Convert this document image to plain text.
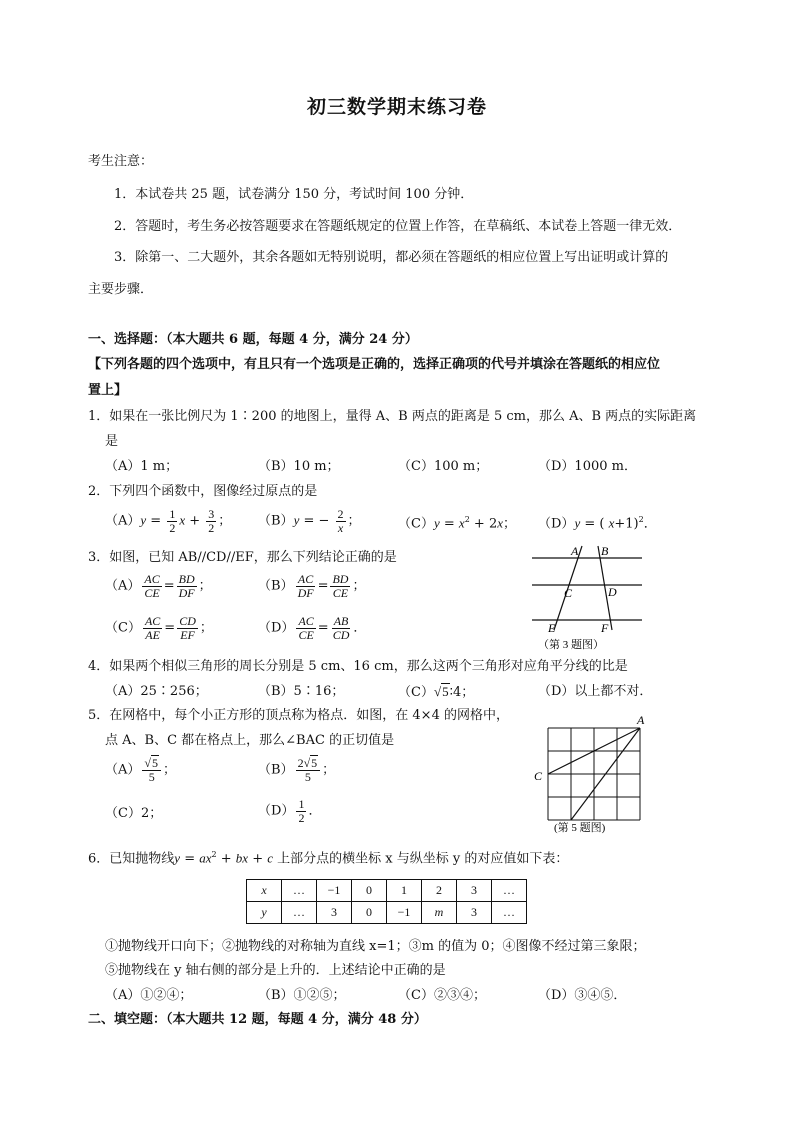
初三数学期末练习卷
考生注意：
1．本试卷共 25 题，试卷满分 150 分，考试时间 100 分钟．
2．答题时，考生务必按答题要求在答题纸规定的位置上作答，在草稿纸、本试卷上答题一律无效．
3．除第一、二大题外，其余各题如无特别说明，都必须在答题纸的相应位置上写出证明或计算的
主要步骤．
一、选择题：（本大题共 6 题，每题 4 分，满分 24 分）
【下列各题的四个选项中，有且只有一个选项是正确的，选择正确项的代号并填涂在答题纸的相应位
置上】
1．如果在一张比例尺为 1∶200 的地图上，量得 A、B 两点的距离是 5 cm，那么 A、B 两点的实际距离
是
（A）1 m；	（B）10 m；	（C）100 m；	（D）1000 m．
2．下列四个函数中，图像经过原点的是
$(A)y = \frac{1}{2}$ $x + \frac{3}{2}$ ； （B）y = − $\frac{2}{x}$ ；	$(C)y = x^2 + 2x$； （D）y = ( x+1)$^2$．
3．如图，已知 AB//CD//EF，那么下列结论正确的是
$(A) \frac{AC}{CE} = \frac{BD}{DF}$ ；	$(B) \frac{AC}{DF} = \frac{BD}{CE}$ ；
$(C) \frac{AC}{AE} = \frac{CD}{EF}$ ；	$(D) \frac{AC}{CE} = \frac{AB}{CD}$ ．
A B
C	D
E	F
（第 3 题图）
4．如果两个相似三角形的周长分别是 5 cm、16 cm，那么这两个三角形对应角平分线的比是
（A）25∶256；	（B）5∶16；	（C）√5∶4；	（D）以上都不对．
5．在网格中，每个小正方形的顶点称为格点．如图，在 4×4 的网格中，
点 A、B、C 都在格点上，那么∠BAC 的正切值是
$(A) \frac{√5}{5}$ ；	$(B) \frac{2√5}{5}$ ；
（C）2；	$(D) \frac{1}{2}$ ．
A
C
(第 5 题图)
6．已知抛物线$y = ax^2$ + bx + c 上部分点的横坐标 x 与纵坐标 y 的对应值如下表：
x	…	−1	0	1	2	3	…
y	…	3	0	−1	m	3	…
①抛物线开口向下；②抛物线的对称轴为直线 x=1；③m 的值为 0；④图像不经过第三象限；
⑤抛物线在 y 轴右侧的部分是上升的．上述结论中正确的是
（A）①②④；	（B）①②⑤；	（C）②③④；	（D）③④⑤．
二、填空题：（本大题共 12 题，每题 4 分，满分 48 分）
